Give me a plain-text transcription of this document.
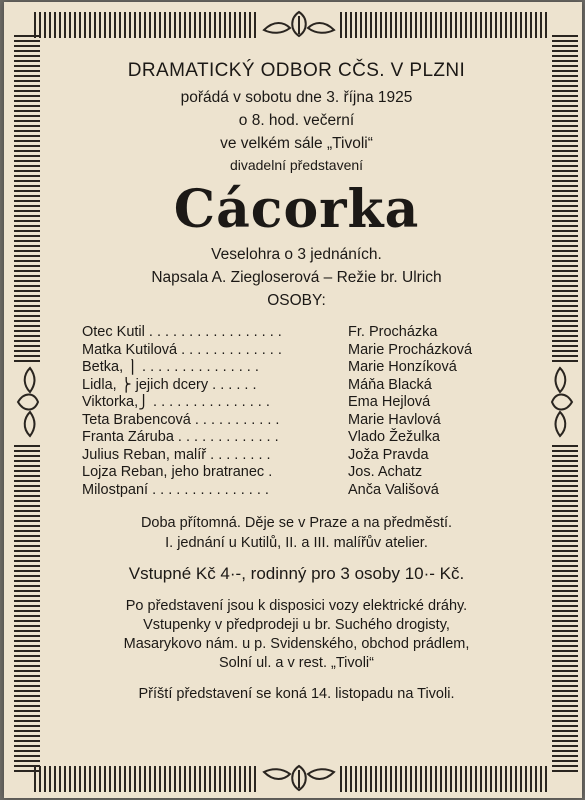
DRAMATICKÝ ODBOR CČS. V PLZNI
pořádá v sobotu dne 3. října 1925
o 8. hod. večerní
ve velkém sále „Tivoli“
divadelní představení
Cácorka
Veselohra o 3 jednáních.
Napsala A. Ziegloserová – Režie br. Ulrich
OSOBY:
Otec Kutil . . . . . . . . . . . . . . . . .	Fr. Procházka
Matka Kutilová . . . . . . . . . . . . .	Marie Procházková
Betka, ⎫ . . . . . . . . . . . . . . .	Marie Honzíková
Lidla, ⎬ jejich dcery . . . . . .	Máňa Blacká
Viktorka,⎭ . . . . . . . . . . . . . . .	Ema Hejlová
Teta Brabencová . . . . . . . . . . .	Marie Havlová
Franta Záruba . . . . . . . . . . . . .	Vlado Žežulka
Julius Reban, malíř . . . . . . . .	Joža Pravda
Lojza Reban, jeho bratranec .	Jos. Achatz
Milostpaní . . . . . . . . . . . . . . .	Anča Vališová
Doba přítomná. Děje se v Praze a na předměstí.
I. jednání u Kutilů, II. a III. malířův atelier.
Vstupné Kč 4·-, rodinný pro 3 osoby 10·- Kč.
Po představení jsou k disposici vozy elektrické dráhy.
Vstupenky v předprodeji u br. Suchého drogisty,
Masarykovo nám. u p. Svidenského, obchod prádlem,
Solní ul. a v rest. „Tivoli“
Příští představení se koná 14. listopadu na Tivoli.
